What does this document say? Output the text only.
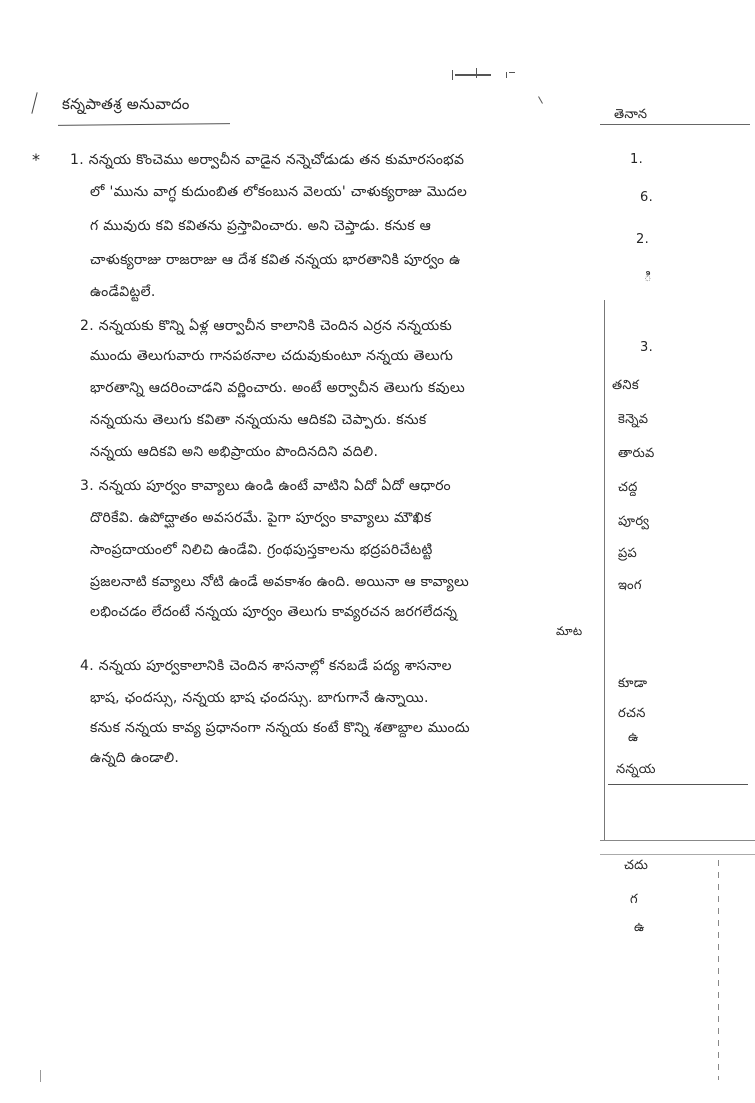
కన్నపాతశ్ర అనువాదం
* 1. నన్నయ కొంచెము అర్వాచీన వాడైన నన్నెచోడుడు తన కుమారసంభవ
లో 'మును వాగ్ధ కుదుంబిత లోకంబున వెలయ' చాళుక్యరాజు మొదల
గ మువురు కవి కవితను ప్రస్తావించారు. అని చెప్తాడు. కనుక ఆ
చాళుక్యరాజు రాజరాజు ఆ దేశ కవిత నన్నయ భారతానికి పూర్వం ఉ
ఉండేవిట్టలే.
2. నన్నయకు కొన్ని ఏళ్ల ఆర్వాచీన కాలానికి చెందిన ఎర్రన నన్నయకు
ముందు తెలుగువారు గానపఠనాల చదువుకుంటూ నన్నయ తెలుగు
భారతాన్ని ఆదరించాడని వర్ణించారు. అంటే అర్వాచీన తెలుగు కవులు
నన్నయను తెలుగు కవితా నన్నయను ఆదికవి చెప్పారు. కనుక
నన్నయ ఆదికవి అని అభిప్రాయం పొందినదిని వదిలి.
3. నన్నయ పూర్వం కావ్యాలు ఉండి ఉంటే వాటిని ఏదో ఏదో ఆధారం
దొరికేవి. ఉపోద్ఘాతం అవసరమే. పైగా పూర్వం కావ్యాలు మౌఖిక
సాంప్రదాయంలో నిలిచి ఉండేవి. గ్రంథపుస్తకాలను భద్రపరిచేటట్టి
ప్రజలనాటి కవ్యాలు నోటి ఉండే అవకాశం ఉంది. అయినా ఆ కావ్యాలు
లభించడం లేదంటే నన్నయ పూర్వం తెలుగు కావ్యరచన జరగలేదన్న
మాట
4. నన్నయ పూర్వకాలానికి చెందిన శాసనాల్లో కనబడే పద్య శాసనాల
భాష, ఛందస్సు, నన్నయ భాష ఛందస్సు. బాగుగానే ఉన్నాయి.
కనుక నన్నయ కావ్య ప్రధానంగా నన్నయ కంటే కొన్ని శతాబ్దాల ముందు
ఉన్నది ఉండాలి.
తెనాన
1.
6.
2.
ి
3.
తనిక
కెన్నెవ
తారువ
చద్ద
పూర్వ
ప్రప
ఇంగ
కూడా
రచన
ఉ
నన్నయ
చదు
గ
ఉ
